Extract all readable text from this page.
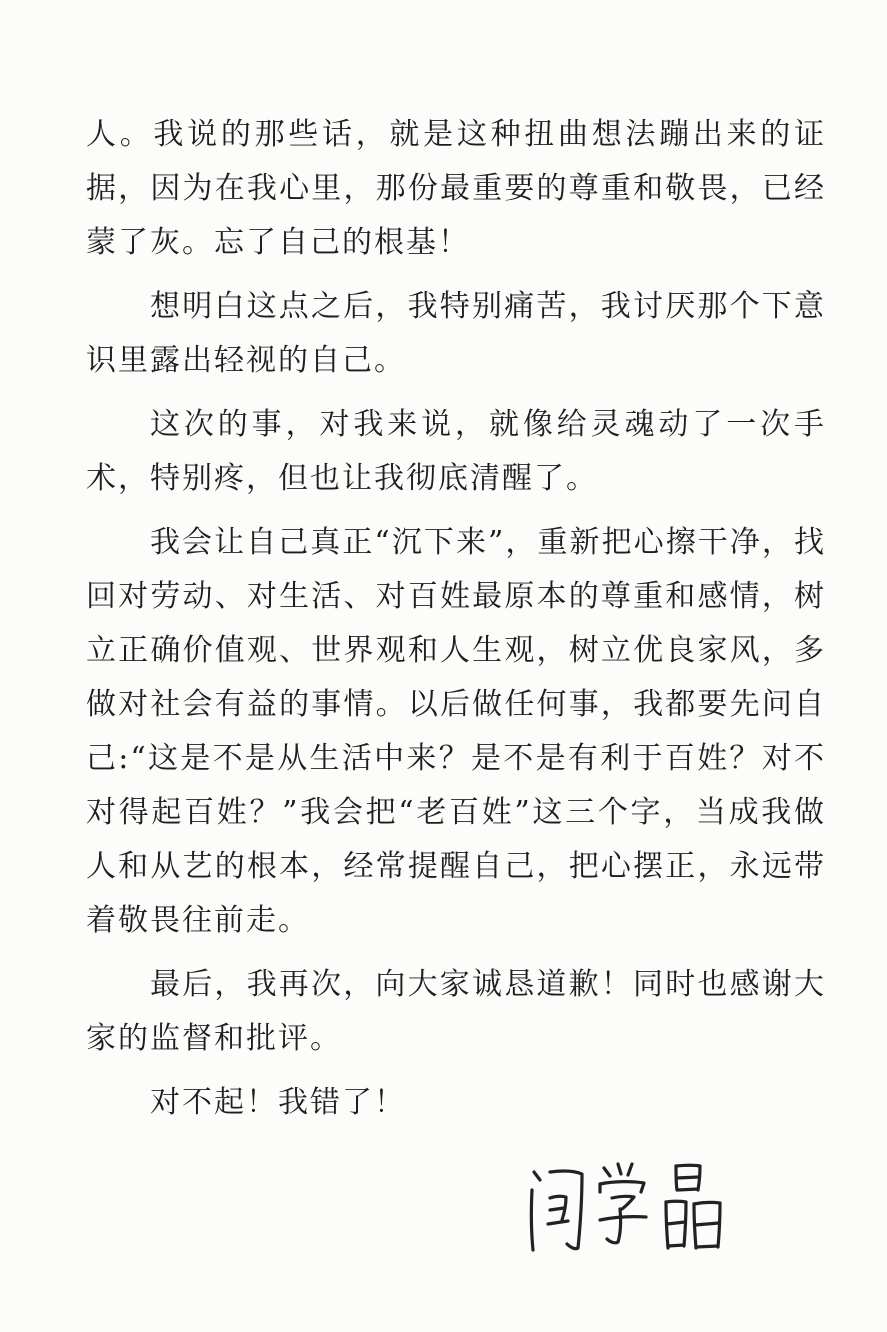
人。我说的那些话，就是这种扭曲想法蹦出来的证据，因为在我心里，那份最重要的尊重和敬畏，已经蒙了灰。忘了自己的根基！

想明白这点之后，我特别痛苦，我讨厌那个下意识里露出轻视的自己。

这次的事，对我来说，就像给灵魂动了一次手术，特别疼，但也让我彻底清醒了。

我会让自己真正“沉下来”，重新把心擦干净，找回对劳动、对生活、对百姓最原本的尊重和感情，树立正确价值观、世界观和人生观，树立优良家风，多做对社会有益的事情。以后做任何事，我都要先问自己:“这是不是从生活中来？是不是有利于百姓？对不对得起百姓？”我会把“老百姓”这三个字，当成我做人和从艺的根本，经常提醒自己，把心摆正，永远带着敬畏往前走。

最后，我再次，向大家诚恳道歉！同时也感谢大家的监督和批评。

对不起！我错了！
